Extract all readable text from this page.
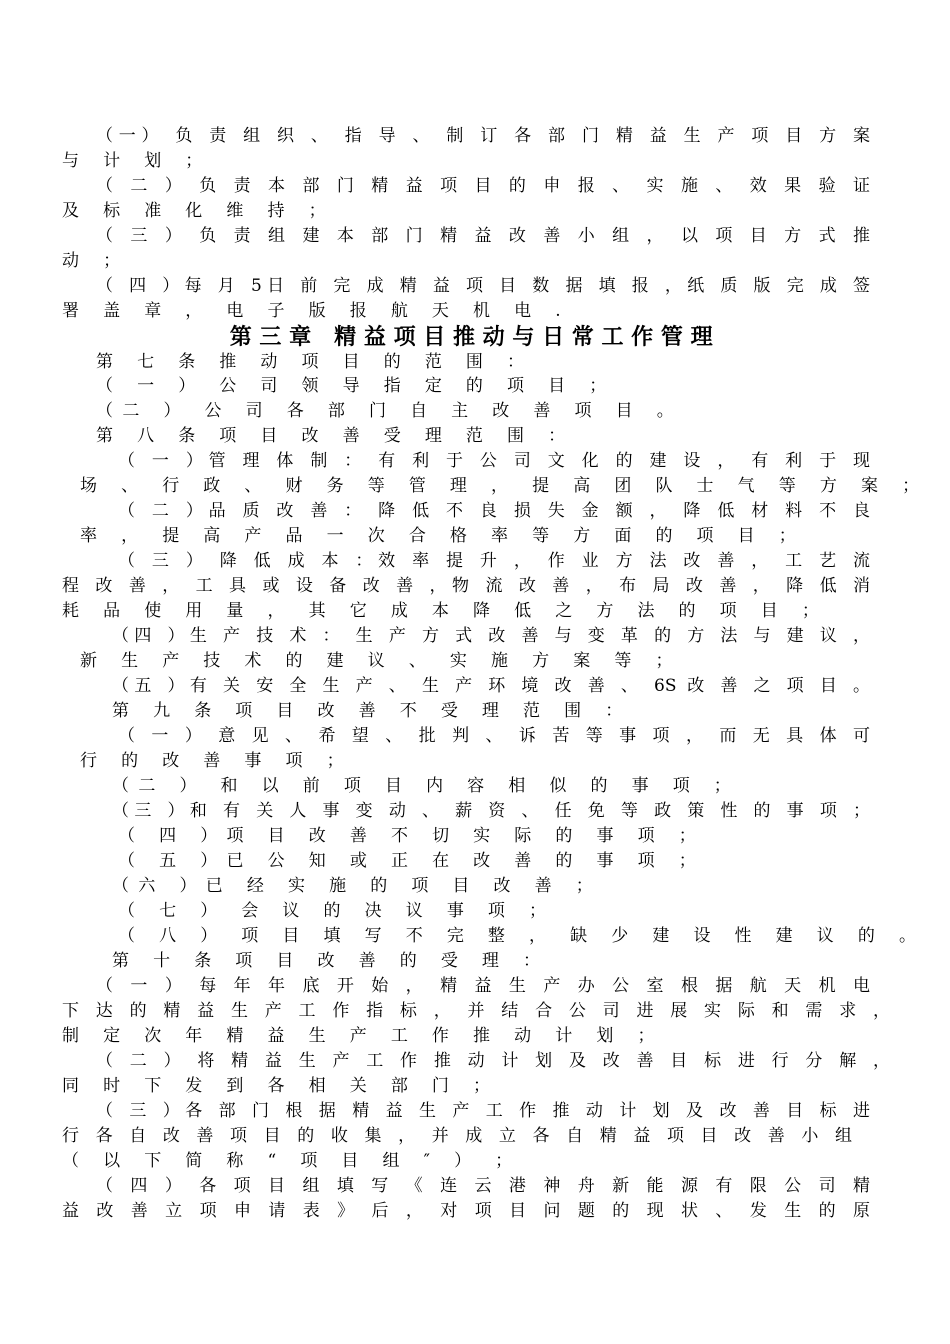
（一） 负 责 组 织 、 指 导 、 制 订 各 部 门 精 益 生 产 项 目 方 案
与 计 划 ；
（ 二 ） 负 责 本 部 门 精 益 项 目 的 申 报 、 实 施 、 效 果 验 证
及 标 准 化 维 持 ；
（ 三 ） 负 责 组 建 本 部 门 精 益 改 善 小 组 ， 以 项 目 方 式 推
动 ；
（ 四 ）每 月 5日 前 完 成 精 益 项 目 数 据 填 报 ，纸 质 版 完 成 签
署 盖 章 ， 电 子 版 报 航 天 机 电 .
第三章 精益项目推动与日常工作管理
第 七 条 推 动 项 目 的 范 围 ：
（ 一 ） 公 司 领 导 指 定 的 项 目 ；
（二 ） 公 司 各 部 门 自 主 改 善 项 目 。
第 八 条 项 目 改 善 受 理 范 围 ：
（ 一 ）管 理 体 制 ： 有 利 于 公 司 文 化 的 建 设 ， 有 利 于 现
场 、 行 政 、 财 务 等 管 理 ， 提 高 团 队 士 气 等 方 案 ；
（ 二 ）品 质 改 善 ： 降 低 不 良 损 失 金 额 ， 降 低 材 料 不 良
率 ， 提 高 产 品 一 次 合 格 率 等 方 面 的 项 目 ；
（ 三 ） 降 低 成 本 ：效 率 提 升 ， 作 业 方 法 改 善 ， 工 艺 流
程 改 善 ， 工 具 或 设 备 改 善 ，物 流 改 善 ， 布 局 改 善 ， 降 低 消
耗 品 使 用 量 ， 其 它 成 本 降 低 之 方 法 的 项 目 ；
（四 ）生 产 技 术 ： 生 产 方 式 改 善 与 变 革 的 方 法 与 建 议 ，
新 生 产 技 术 的 建 议 、 实 施 方 案 等 ；
（五 ）有 关 安 全 生 产 、 生 产 环 境 改 善 、 6S 改 善 之 项 目 。
第 九 条 项 目 改 善 不 受 理 范 围 ：
（ 一 ） 意 见 、 希 望 、 批 判 、 诉 苦 等 事 项 ， 而 无 具 体 可
行 的 改 善 事 项 ；
（二 ） 和 以 前 项 目 内 容 相 似 的 事 项 ；
（三 ）和 有 关 人 事 变 动 、 薪 资 、 任 免 等 政 策 性 的 事 项 ；
（ 四 ）项 目 改 善 不 切 实 际 的 事 项 ；
（ 五 ）已 公 知 或 正 在 改 善 的 事 项 ；
（六 ）已 经 实 施 的 项 目 改 善 ；
（ 七 ） 会 议 的 决 议 事 项 ；
（ 八 ） 项 目 填 写 不 完 整 ， 缺 少 建 设 性 建 议 的 。
第 十 条 项 目 改 善 的 受 理 ：
（ 一 ） 每 年 年 底 开 始 ， 精 益 生 产 办 公 室 根 据 航 天 机 电
下 达 的 精 益 生 产 工 作 指 标 ， 并 结 合 公 司 进 展 实 际 和 需 求 ，
制 定 次 年 精 益 生 产 工 作 推 动 计 划 ；
（ 二 ） 将 精 益 生 产 工 作 推 动 计 划 及 改 善 目 标 进 行 分 解 ，
同 时 下 发 到 各 相 关 部 门 ；
（ 三 ）各 部 门 根 据 精 益 生 产 工 作 推 动 计 划 及 改 善 目 标 进
行 各 自 改 善 项 目 的 收 集 ， 并 成 立 各 自 精 益 项 目 改 善 小 组
（ 以 下 简 称 “ 项 目 组 ″ ） ；
（ 四 ） 各 项 目 组 填 写 《 连 云 港 神 舟 新 能 源 有 限 公 司 精
益 改 善 立 项 申 请 表 》 后 ， 对 项 目 问 题 的 现 状 、 发 生 的 原
